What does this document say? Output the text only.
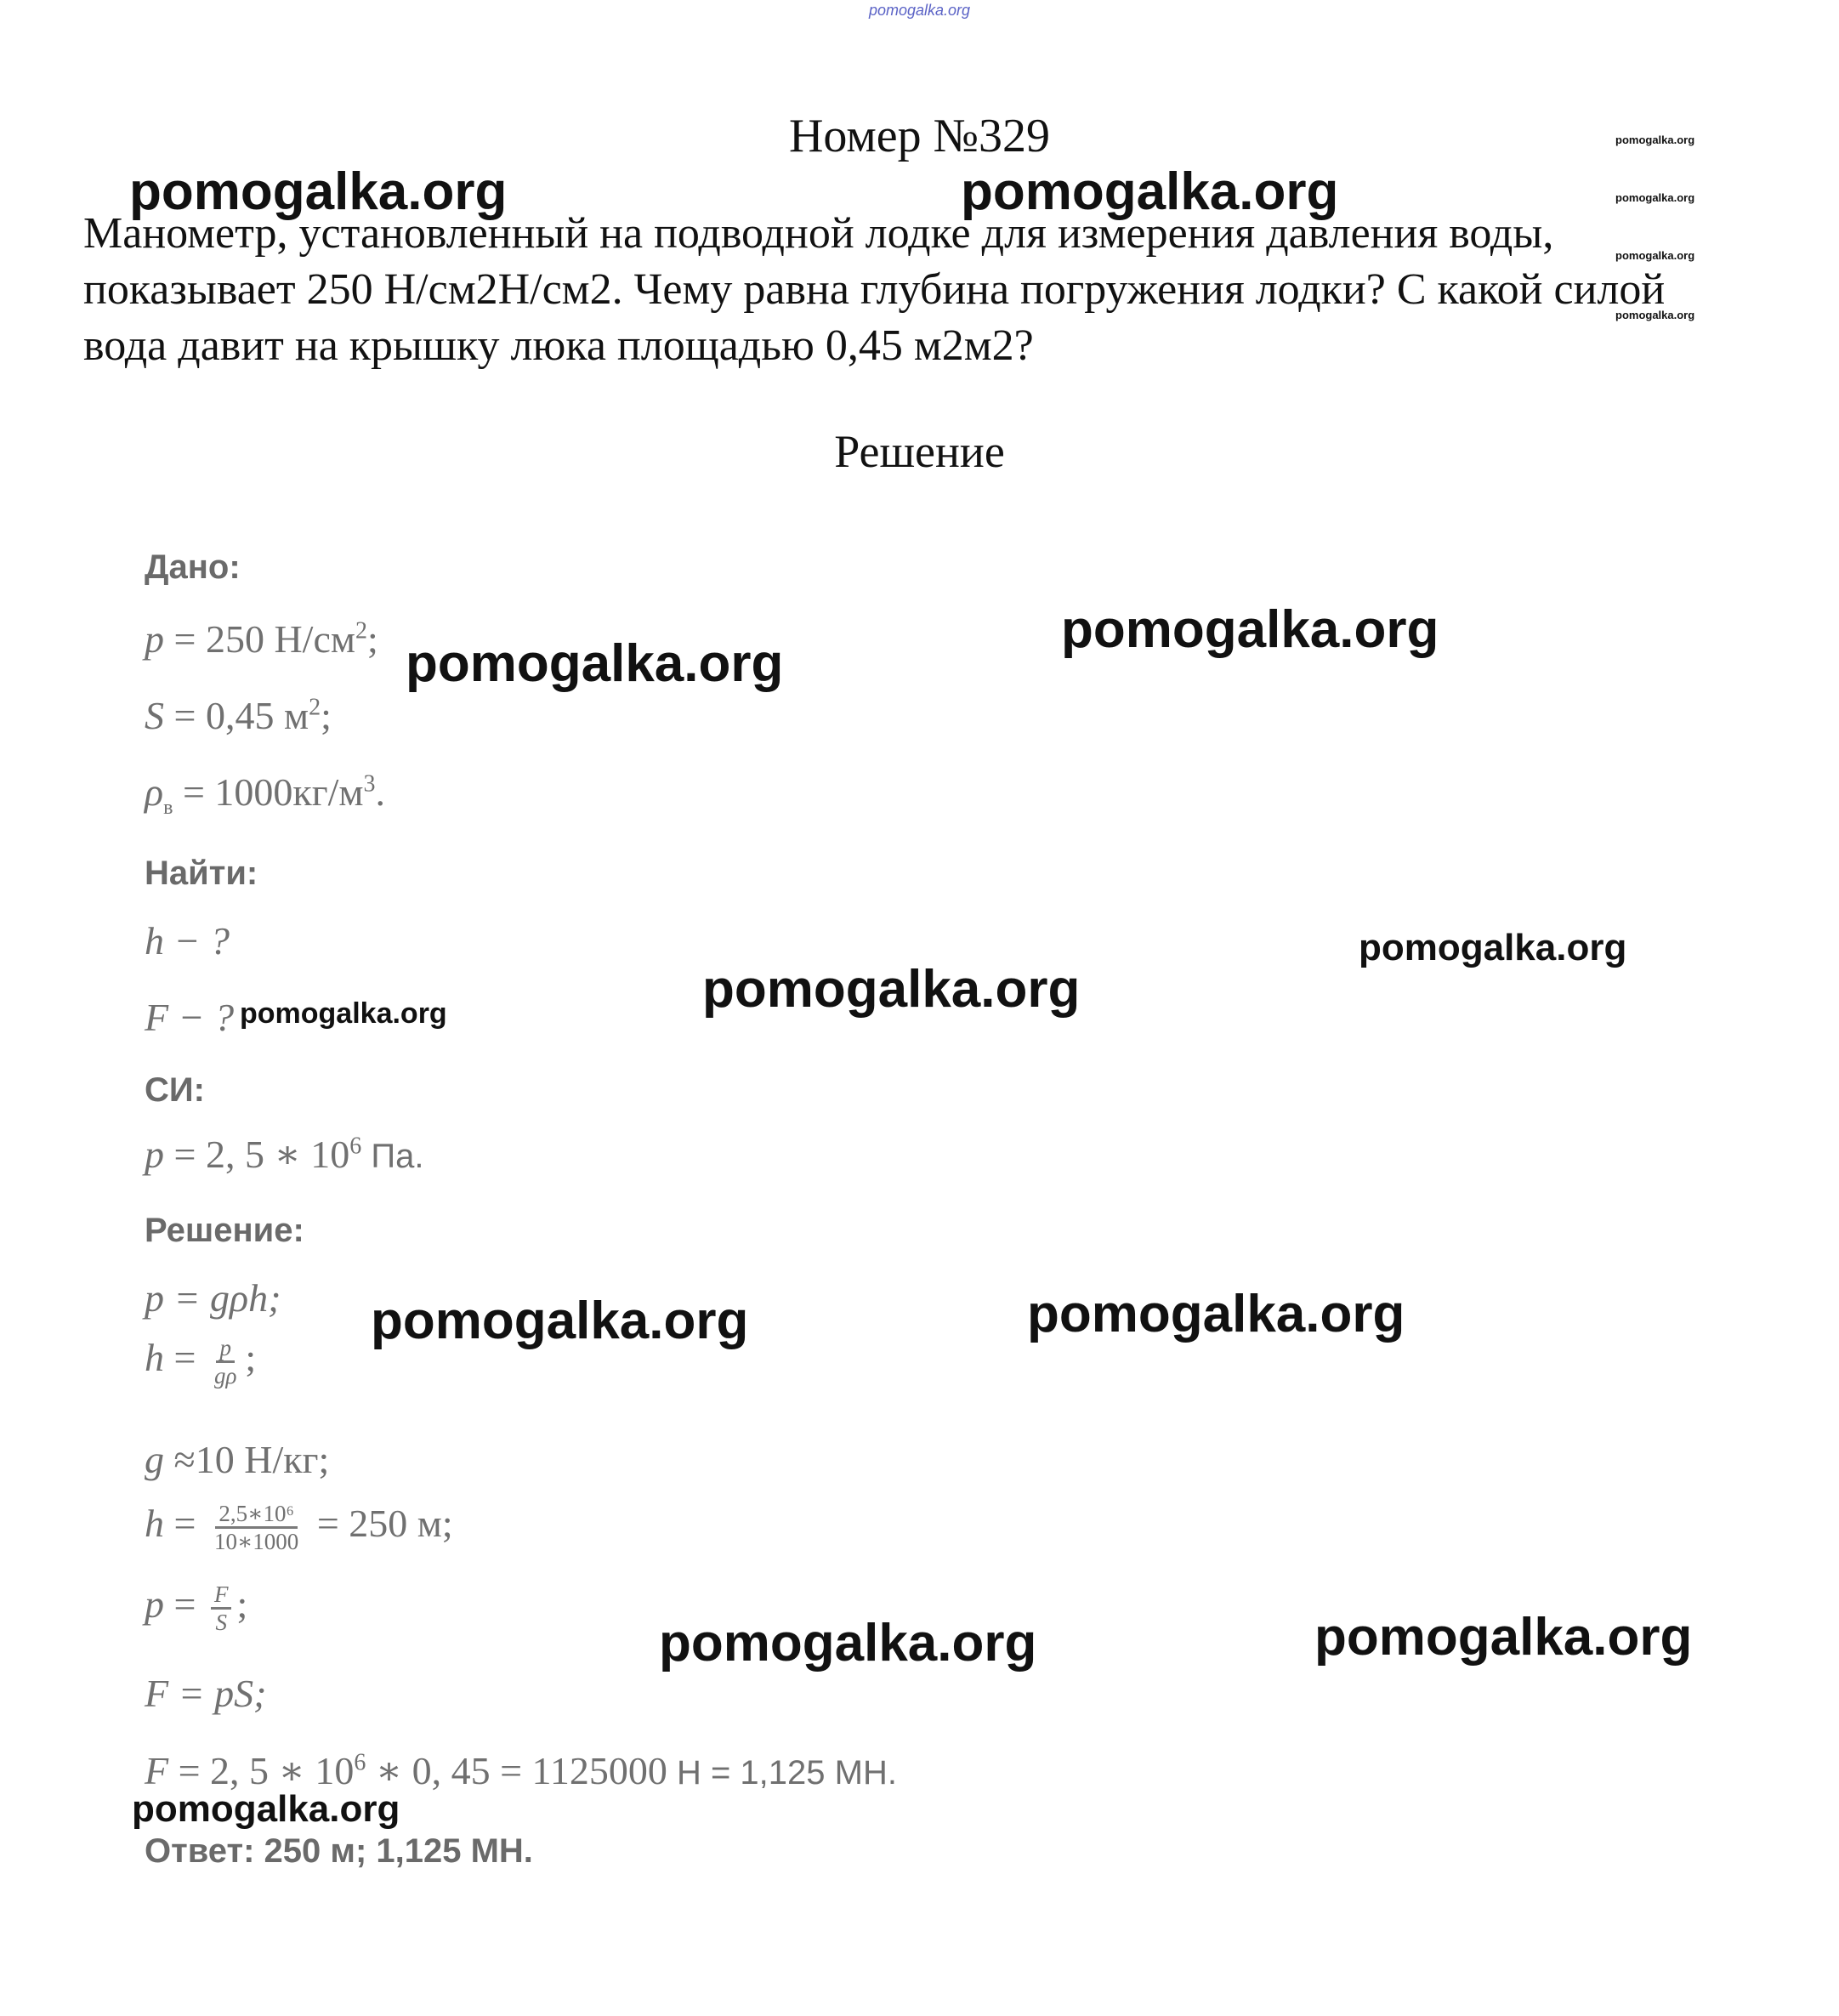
pomogalka.org
Номер №329
Манометр, установленный на подводной лодке для измерения давления воды, показывает 250 Н/см2Н/см2. Чему равна глубина погружения лодки? С какой силой вода давит на крышку люка площадью 0,45 м2м2?
Решение
Дано:
p = 250 $Н/см^2$;
S = 0,45 $м^2$;
$\rho_в = 1000кг/м^3$.
Найти:
h − ?
F − ?
СИ:
p = 2, 5 ∗ $10^6$ Па.
Решение:
p = gρh;
$h = \frac{p}{g\rho}$ ;
g ≈10 Н/кг;
$h = \frac{\text{2,5∗10⁶}}{10∗1000} = 250$ м;
$p = \frac{F}{S}$ ;
F = pS;
F = 2, 5 ∗ $10^6$ ∗ 0, 45 = 1125000 Н = 1,125 МН.
Ответ: 250 м; 1,125 МН.
pomogalka.org	pomogalka.org
pomogalka.org
pomogalka.org
pomogalka.org
pomogalka.org
pomogalka.org
pomogalka.org
pomogalka.org
pomogalka.org
pomogalka.org
pomogalka.org
pomogalka.org
pomogalka.org	pomogalka.org
pomogalka.org
